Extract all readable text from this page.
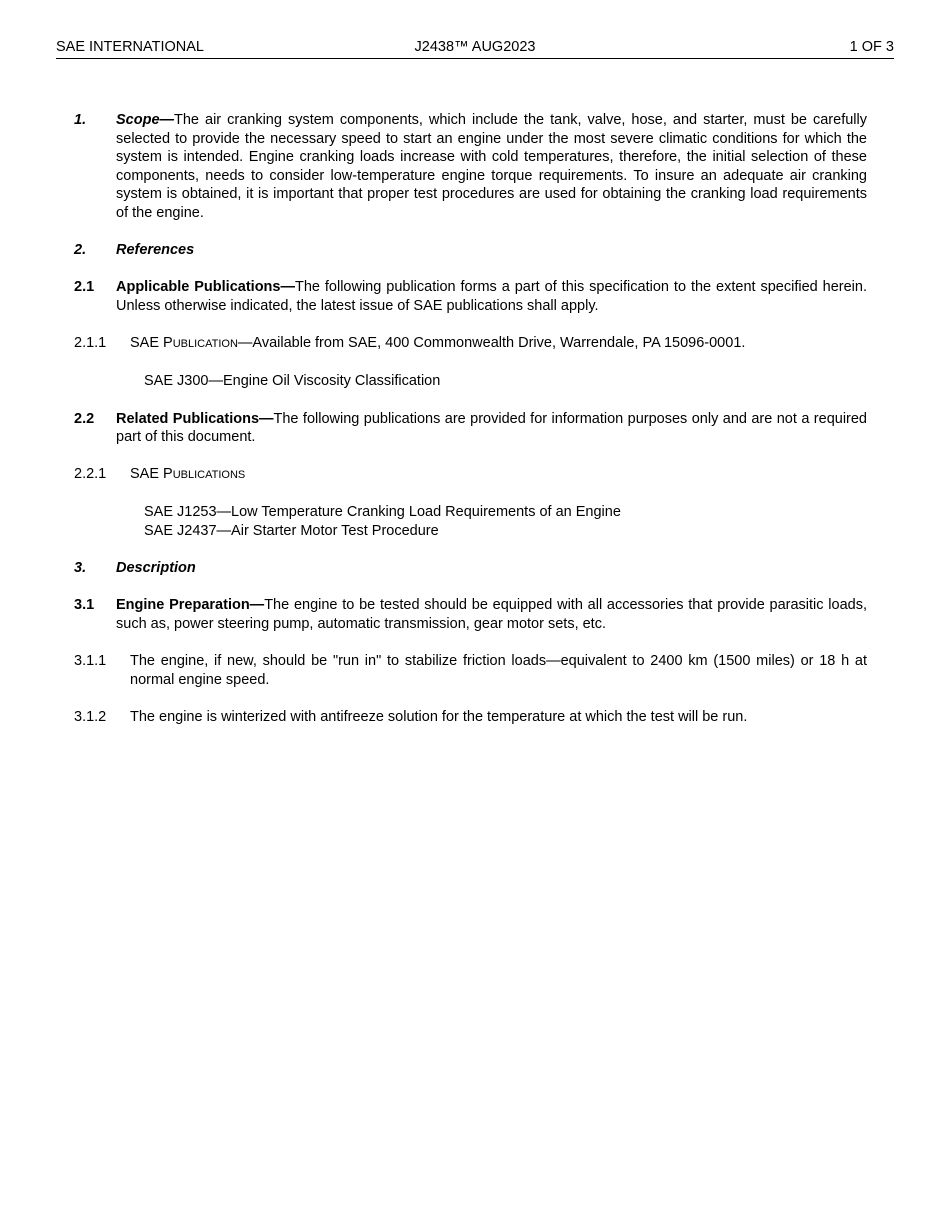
SAE INTERNATIONAL	J2438™ AUG2023	1 OF 3
1.	Scope—The air cranking system components, which include the tank, valve, hose, and starter, must be carefully selected to provide the necessary speed to start an engine under the most severe climatic conditions for which the system is intended. Engine cranking loads increase with cold temperatures, therefore, the initial selection of these components, needs to consider low-temperature engine torque requirements. To insure an adequate air cranking system is obtained, it is important that proper test procedures are used for obtaining the cranking load requirements of the engine.
2.	References
2.1	Applicable Publications—The following publication forms a part of this specification to the extent specified herein. Unless otherwise indicated, the latest issue of SAE publications shall apply.
2.1.1	SAE PUBLICATION—Available from SAE, 400 Commonwealth Drive, Warrendale, PA 15096-0001.
SAE J300—Engine Oil Viscosity Classification
2.2	Related Publications—The following publications are provided for information purposes only and are not a required part of this document.
2.2.1	SAE PUBLICATIONS
SAE J1253—Low Temperature Cranking Load Requirements of an Engine
SAE J2437—Air Starter Motor Test Procedure
3.	Description
3.1	Engine Preparation—The engine to be tested should be equipped with all accessories that provide parasitic loads, such as, power steering pump, automatic transmission, gear motor sets, etc.
3.1.1	The engine, if new, should be "run in" to stabilize friction loads—equivalent to 2400 km (1500 miles) or 18 h at normal engine speed.
3.1.2	The engine is winterized with antifreeze solution for the temperature at which the test will be run.
